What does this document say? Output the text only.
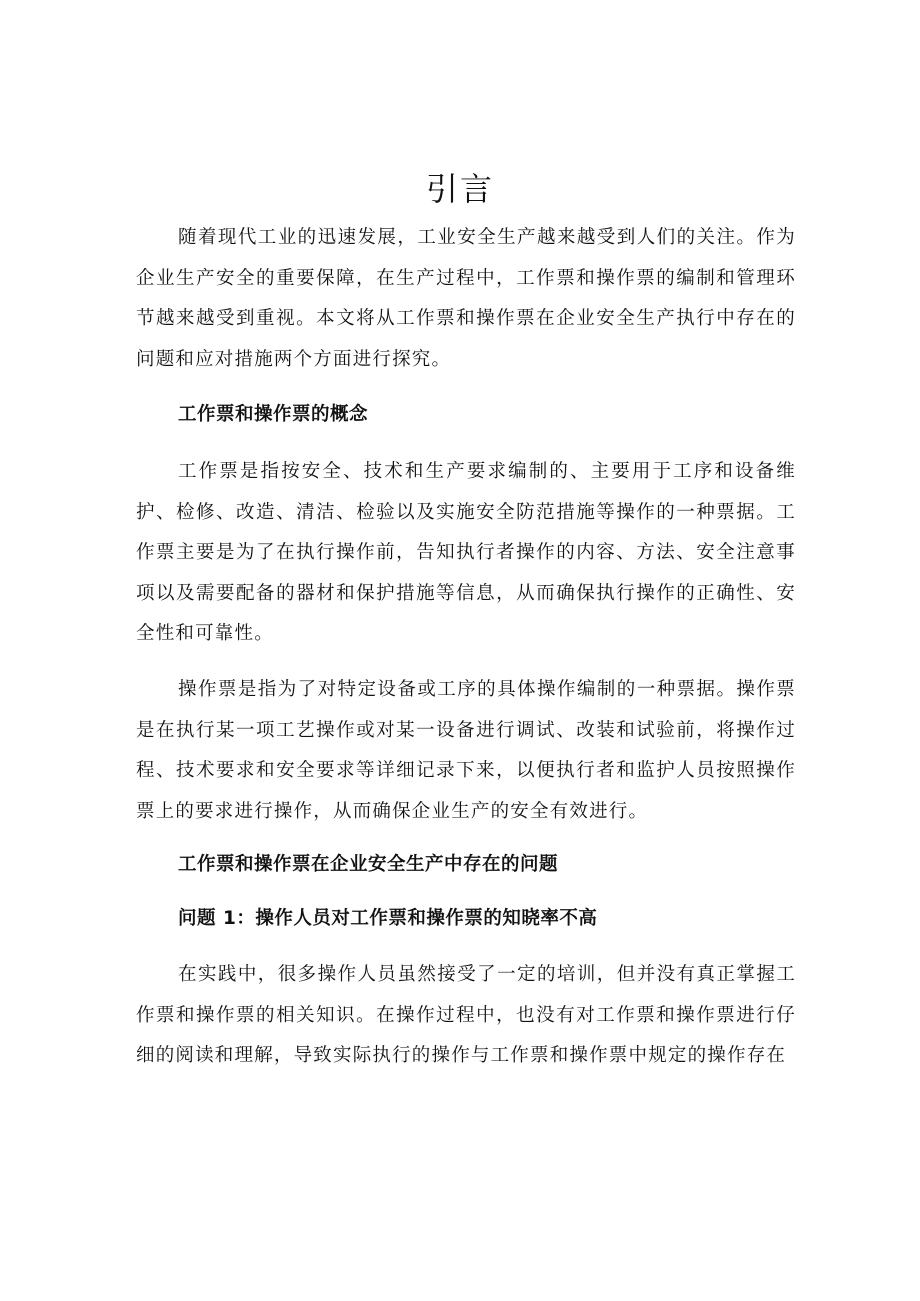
引言

随着现代工业的迅速发展，工业安全生产越来越受到人们的关注。作为企业生产安全的重要保障，在生产过程中，工作票和操作票的编制和管理环节越来越受到重视。本文将从工作票和操作票在企业安全生产执行中存在的问题和应对措施两个方面进行探究。

工作票和操作票的概念

工作票是指按安全、技术和生产要求编制的、主要用于工序和设备维护、检修、改造、清洁、检验以及实施安全防范措施等操作的一种票据。工作票主要是为了在执行操作前，告知执行者操作的内容、方法、安全注意事项以及需要配备的器材和保护措施等信息，从而确保执行操作的正确性、安全性和可靠性。

操作票是指为了对特定设备或工序的具体操作编制的一种票据。操作票是在执行某一项工艺操作或对某一设备进行调试、改装和试验前，将操作过程、技术要求和安全要求等详细记录下来，以便执行者和监护人员按照操作票上的要求进行操作，从而确保企业生产的安全有效进行。

工作票和操作票在企业安全生产中存在的问题
问题 1：操作人员对工作票和操作票的知晓率不高

在实践中，很多操作人员虽然接受了一定的培训，但并没有真正掌握工作票和操作票的相关知识。在操作过程中，也没有对工作票和操作票进行仔细的阅读和理解，导致实际执行的操作与工作票和操作票中规定的操作存在
